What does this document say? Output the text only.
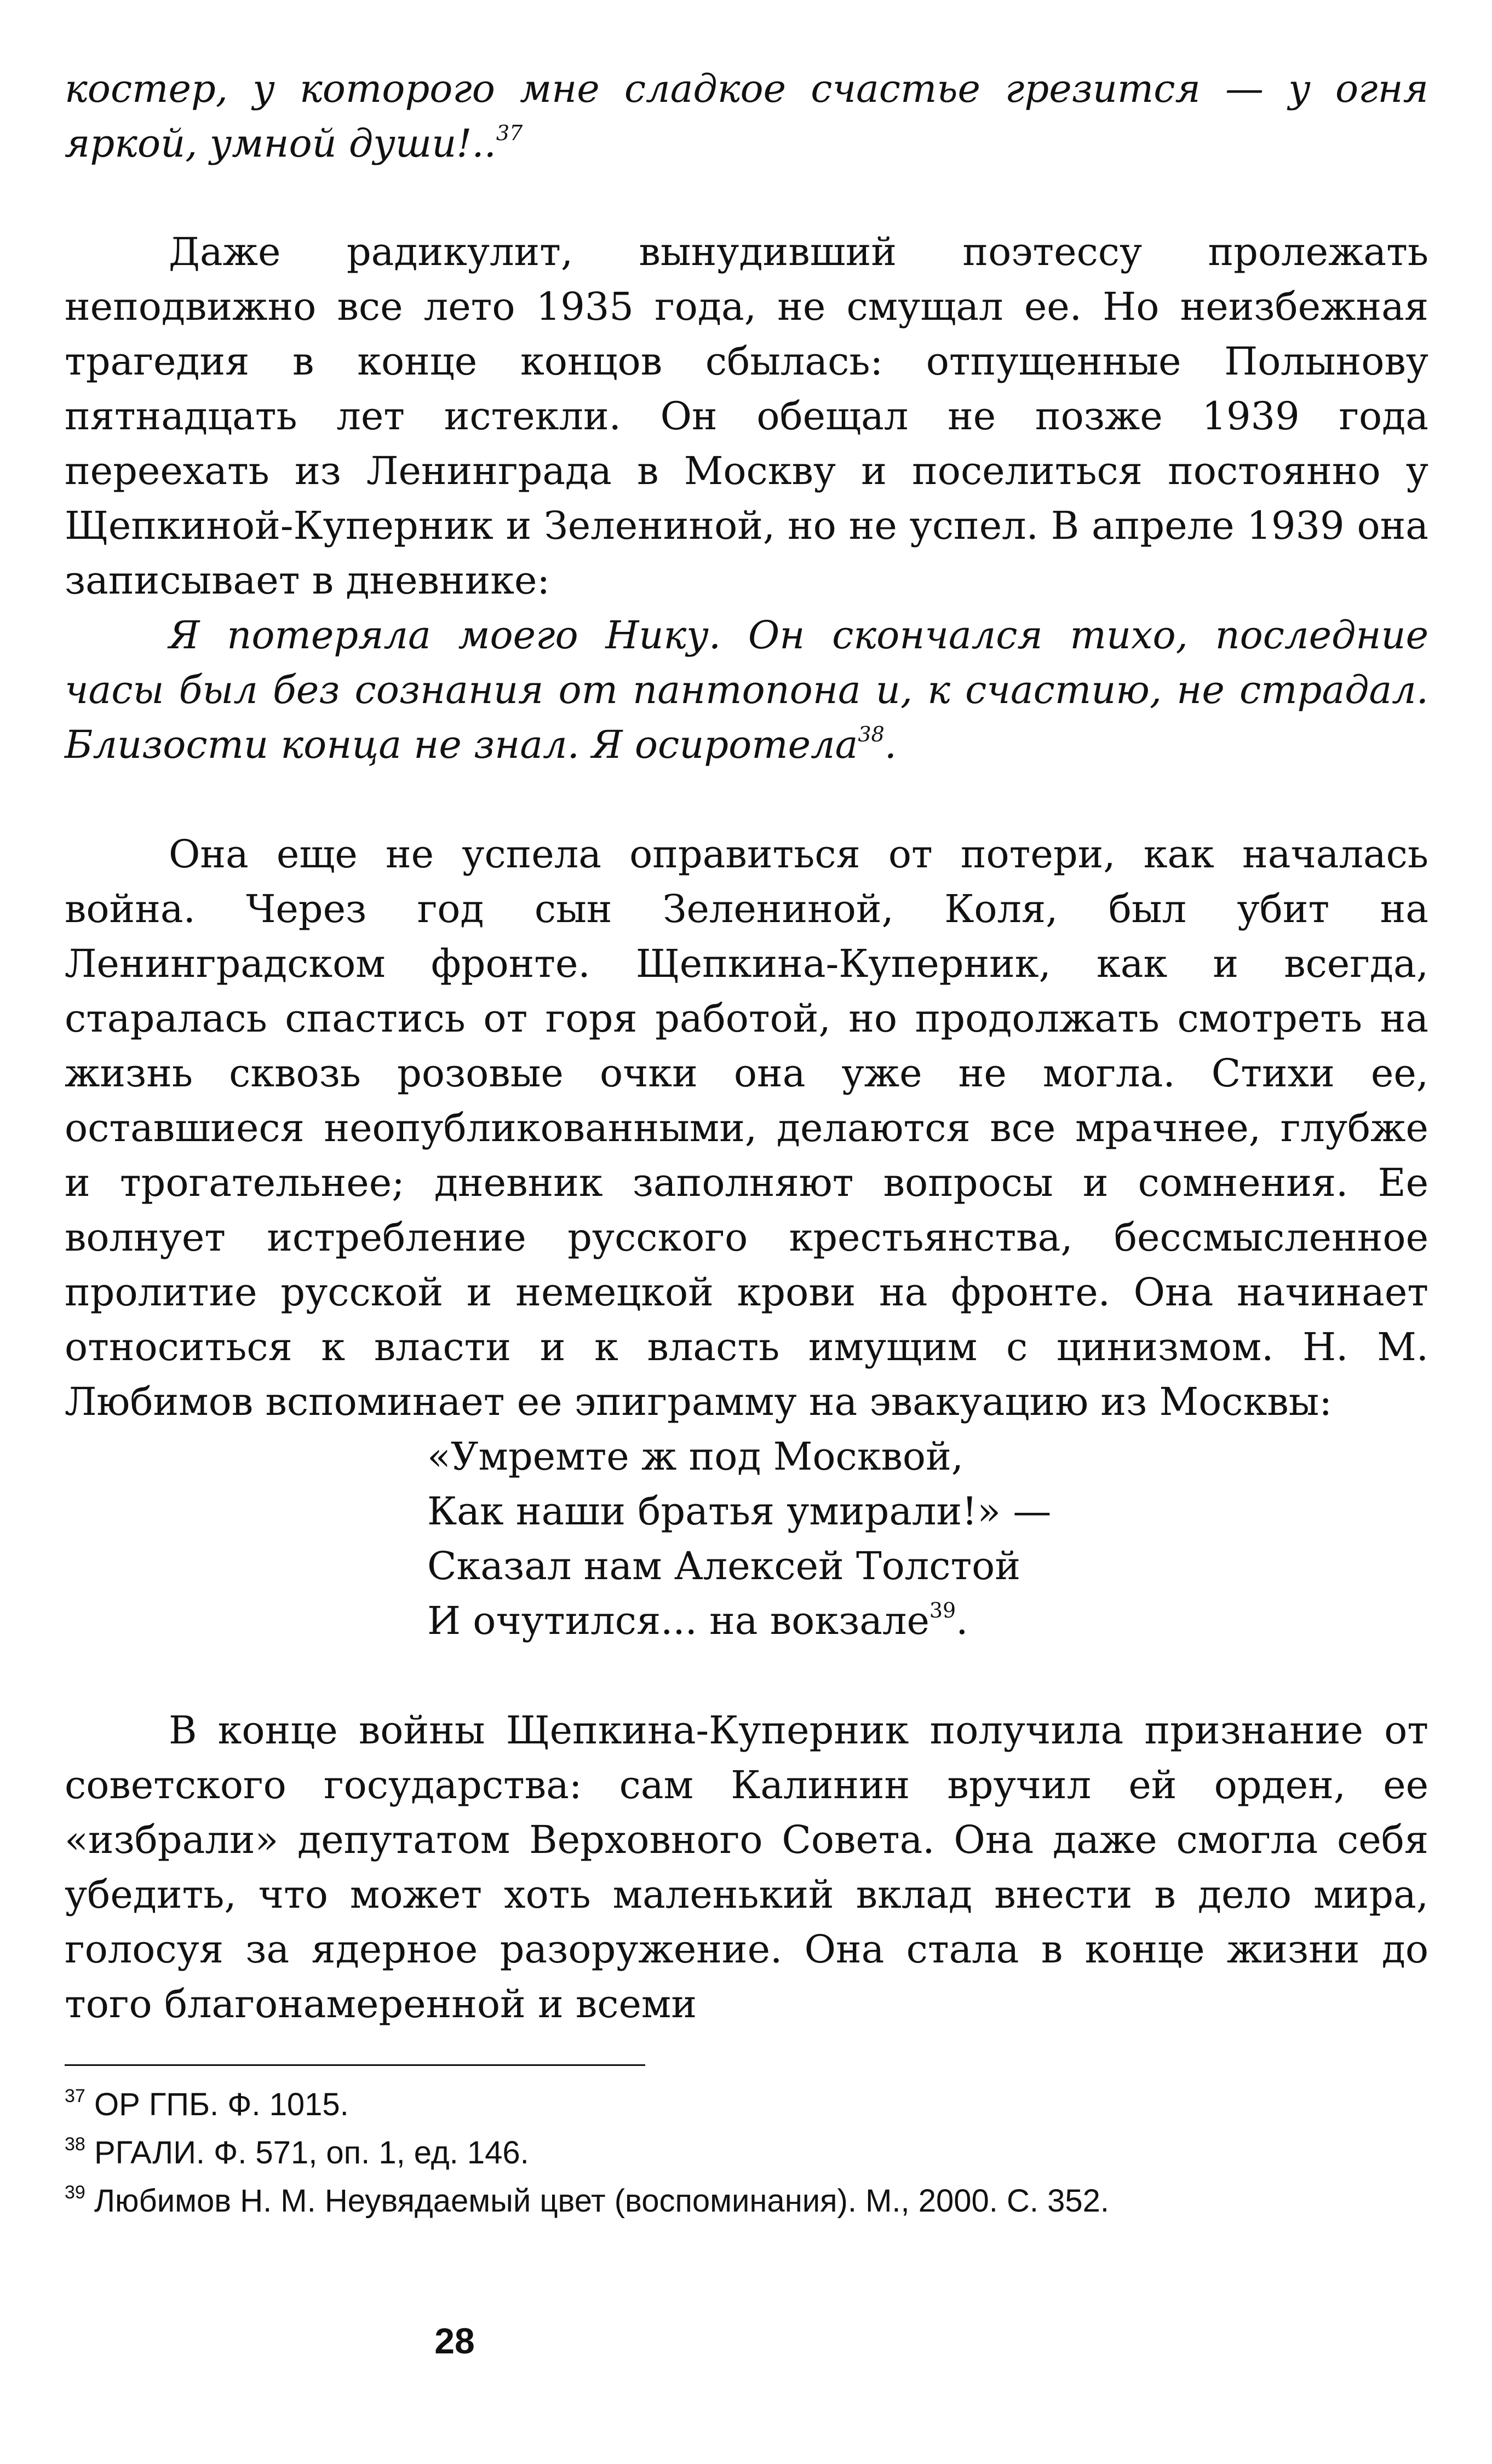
костер, у которого мне сладкое счастье грезится — у огня яркой, умной души!..$^{37}$

Даже радикулит, вынудивший поэтессу пролежать неподвижно все лето 1935 года, не смущал ее. Но неизбежная трагедия в конце концов сбылась: отпущенные Полынову пятнадцать лет истекли. Он обещал не позже 1939 года переехать из Ленинграда в Москву и поселиться постоянно у Щепкиной-Куперник и Зелениной, но не успел. В апреле 1939 она записывает в дневнике:

Я потеряла моего Нику. Он скончался тихо, последние часы был без сознания от пантопона и, к счастию, не страдал. Близости конца не знал. Я осиротела$^{38}$.

Она еще не успела оправиться от потери, как началась война. Через год сын Зелениной, Коля, был убит на Ленинградском фронте. Щепкина-Куперник, как и всегда, старалась спастись от горя работой, но продолжать смотреть на жизнь сквозь розовые очки она уже не могла. Стихи ее, оставшиеся неопубликованными, делаются все мрачнее, глубже и трогательнее; дневник заполняют вопросы и сомнения. Ее волнует истребление русского крестьянства, бессмысленное пролитие русской и немецкой крови на фронте. Она начинает относиться к власти и к власть имущим с цинизмом. Н. М. Любимов вспоминает ее эпиграмму на эвакуацию из Москвы:

«Умремте ж под Москвой,
Как наши братья умирали!» —
Сказал нам Алексей Толстой
И очутился... на вокзале$^{39}$.

В конце войны Щепкина-Куперник получила признание от советского государства: сам Калинин вручил ей орден, ее «избрали» депутатом Верховного Совета. Она даже смогла себя убедить, что может хоть маленький вклад внести в дело мира, голосуя за ядерное разоружение. Она стала в конце жизни до того благонамеренной и всеми

$^{37}$ ОР ГПБ. Ф. 1015.
$^{38}$ РГАЛИ. Ф. 571, оп. 1, ед. 146.
$^{39}$ Любимов Н. М. Неувядаемый цвет (воспоминания). М., 2000. С. 352.
28
